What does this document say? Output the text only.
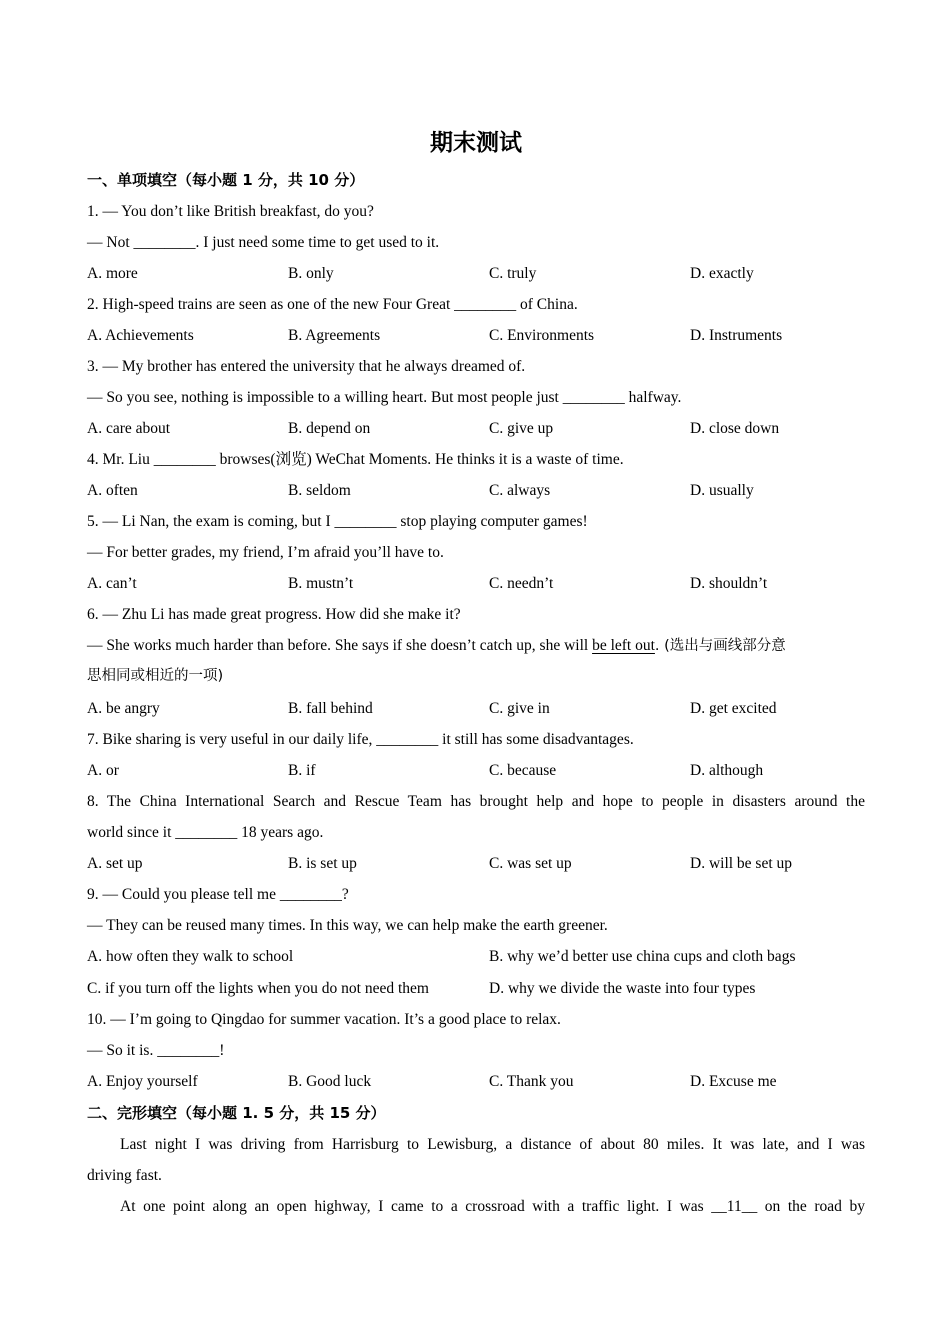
期末测试
一、单项填空（每小题 1 分，共 10 分）
1. — You don’t like British breakfast, do you?
— Not ________. I just need some time to get used to it.
A. more	B. only	C. truly	D. exactly
2. High-speed trains are seen as one of the new Four Great ________ of China.
A. Achievements	B. Agreements	C. Environments	D. Instruments
3. — My brother has entered the university that he always dreamed of.
— So you see, nothing is impossible to a willing heart. But most people just ________ halfway.
A. care about	B. depend on	C. give up	D. close down
4. Mr. Liu ________ browses(浏览) WeChat Moments. He thinks it is a waste of time.
A. often	B. seldom	C. always	D. usually
5. — Li Nan, the exam is coming, but I ________ stop playing computer games!
— For better grades, my friend, I’m afraid you’ll have to.
A. can’t	B. mustn’t	C. needn’t	D. shouldn’t
6. — Zhu Li has made great progress. How did she make it?
— She works much harder than before. She says if she doesn’t catch up, she will be left out. (选出与画线部分意
思相同或相近的一项)
A. be angry	B. fall behind	C. give in	D. get excited
7. Bike sharing is very useful in our daily life, ________ it still has some disadvantages.
A. or	B. if	C. because	D. although
8. The China International Search and Rescue Team has brought help and hope to people in disasters around the
world since it ________ 18 years ago.
A. set up	B. is set up	C. was set up	D. will be set up
9. — Could you please tell me ________?
— They can be reused many times. In this way, we can help make the earth greener.
A. how often they walk to school	B. why we’d better use china cups and cloth bags
C. if you turn off the lights when you do not need them	D. why we divide the waste into four types
10. — I’m going to Qingdao for summer vacation. It’s a good place to relax.
— So it is. ________!
A. Enjoy yourself	B. Good luck	C. Thank you	D. Excuse me
二、完形填空（每小题 1. 5 分，共 15 分）
Last night I was driving from Harrisburg to Lewisburg, a distance of about 80 miles. It was late, and I was
driving fast.
At one point along an open highway, I came to a crossroad with a traffic light. I was __11__ on the road by
